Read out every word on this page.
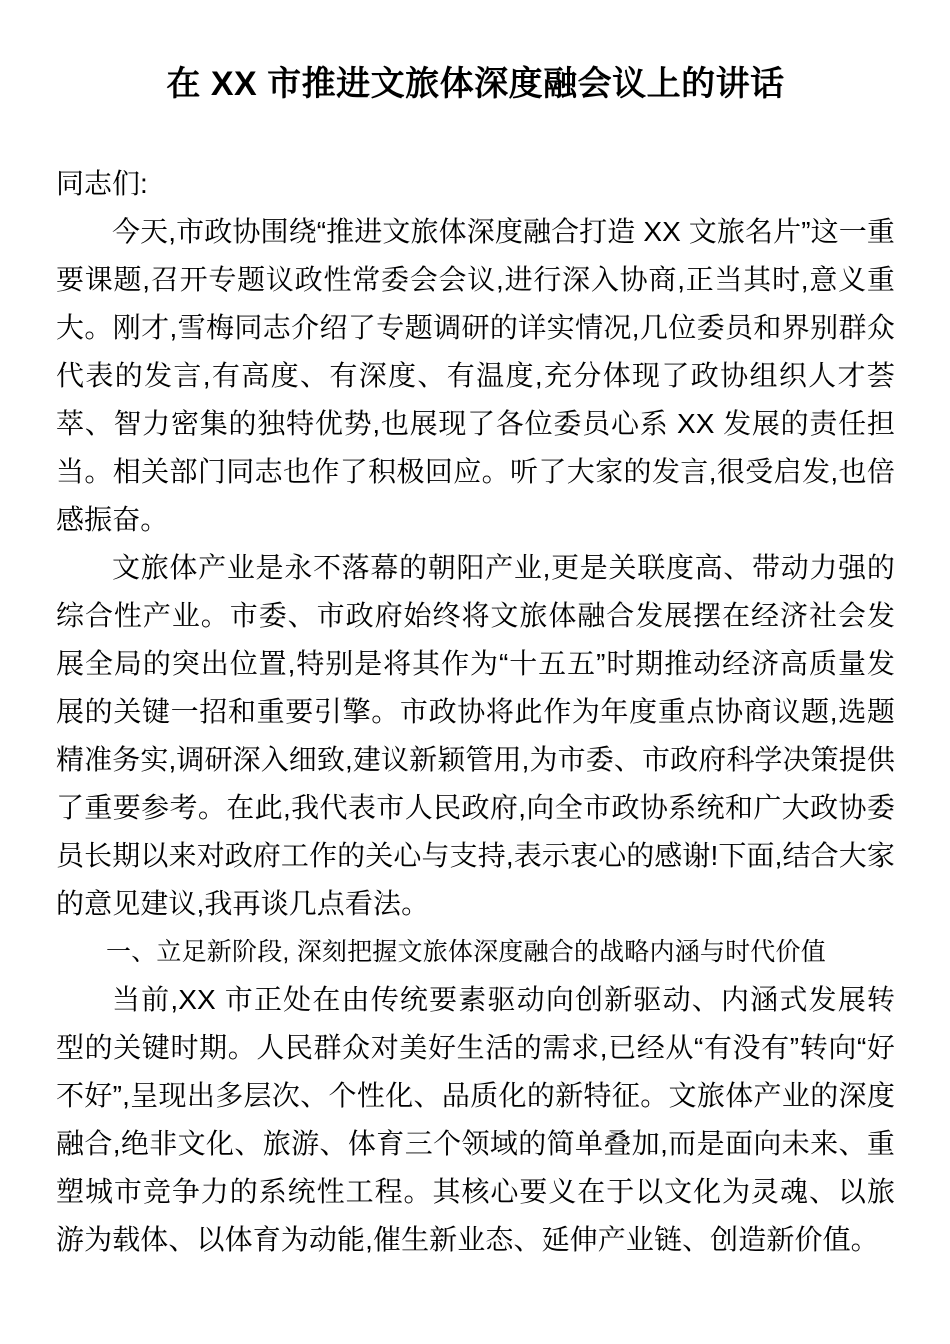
在 XX 市推进文旅体深度融会议上的讲话

同志们:

今天,市政协围绕“推进文旅体深度融合打造 XX 文旅名片”这一重要课题,召开专题议政性常委会会议,进行深入协商,正当其时,意义重大。刚才,雪梅同志介绍了专题调研的详实情况,几位委员和界别群众代表的发言,有高度、有深度、有温度,充分体现了政协组织人才荟萃、智力密集的独特优势,也展现了各位委员心系 XX 发展的责任担当。相关部门同志也作了积极回应。听了大家的发言,很受启发,也倍感振奋。

文旅体产业是永不落幕的朝阳产业,更是关联度高、带动力强的综合性产业。市委、市政府始终将文旅体融合发展摆在经济社会发展全局的突出位置,特别是将其作为“十五五”时期推动经济高质量发展的关键一招和重要引擎。市政协将此作为年度重点协商议题,选题精准务实,调研深入细致,建议新颖管用,为市委、市政府科学决策提供了重要参考。在此,我代表市人民政府,向全市政协系统和广大政协委员长期以来对政府工作的关心与支持,表示衷心的感谢!下面,结合大家的意见建议,我再谈几点看法。

一、立足新阶段, 深刻把握文旅体深度融合的战略内涵与时代价值

当前,XX 市正处在由传统要素驱动向创新驱动、内涵式发展转型的关键时期。人民群众对美好生活的需求,已经从“有没有”转向“好不好”,呈现出多层次、个性化、品质化的新特征。文旅体产业的深度融合,绝非文化、旅游、体育三个领域的简单叠加,而是面向未来、重塑城市竞争力的系统性工程。其核心要义在于以文化为灵魂、以旅游为载体、以体育为动能,催生新业态、延伸产业链、创造新价值。
